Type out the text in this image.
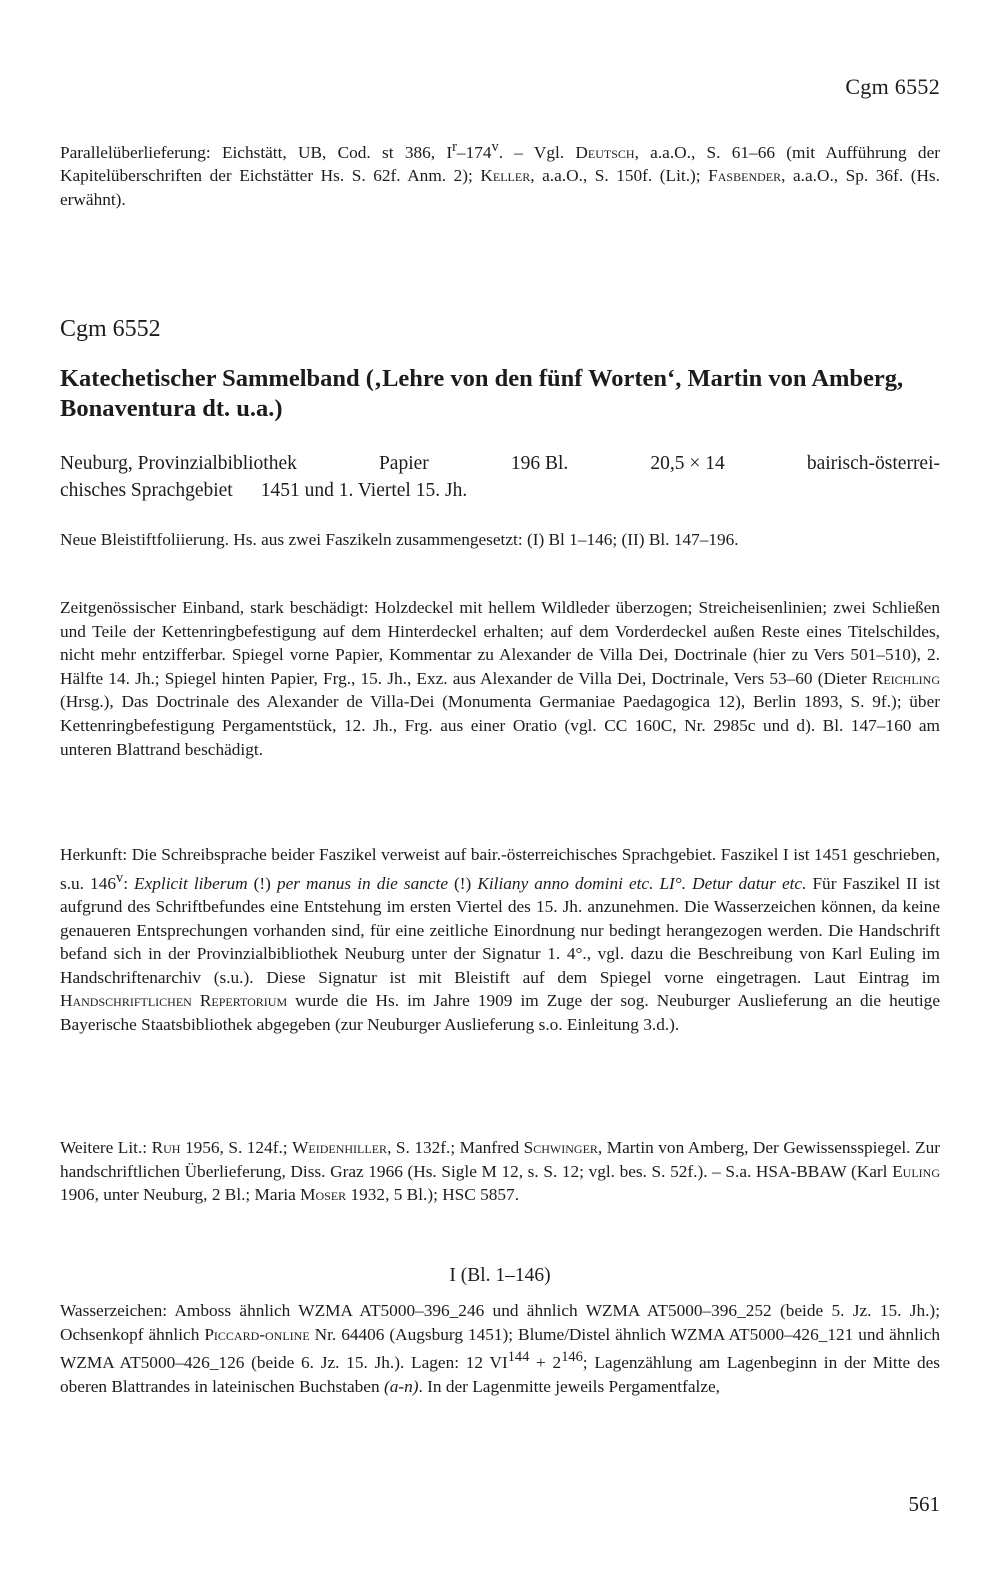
Cgm 6552

Parallelüberlieferung: Eichstätt, UB, Cod. st 386, $I^r-174^v$. – Vgl. Deutsch, a.a.O., S. 61–66 (mit Aufführung der Kapitelüberschriften der Eichstätter Hs. S. 62f. Anm. 2); Keller, a.a.O., S. 150f. (Lit.); Fasbender, a.a.O., Sp. 36f. (Hs. erwähnt).

Cgm 6552
Katechetischer Sammelband (‚Lehre von den fünf Worten‘, Martin von Amberg, Bonaventura dt. u.a.)
Neuburg, Provinzialbibliothek	Papier	196 Bl.	20,5 × 14	bairisch-österrei-
chisches Sprachgebiet 1451 und 1. Viertel 15. Jh.

Neue Bleistiftfoliierung. Hs. aus zwei Faszikeln zusammengesetzt: (I) Bl 1–146; (II) Bl. 147–196.

Zeitgenössischer Einband, stark beschädigt: Holzdeckel mit hellem Wildleder überzogen; Streicheisenlinien; zwei Schließen und Teile der Kettenringbefestigung auf dem Hinterdeckel erhalten; auf dem Vorderdeckel außen Reste eines Titelschildes, nicht mehr entzifferbar. Spiegel vorne Papier, Kommentar zu Alexander de Villa Dei, Doctrinale (hier zu Vers 501–510), 2. Hälfte 14. Jh.; Spiegel hinten Papier, Frg., 15. Jh., Exz. aus Alexander de Villa Dei, Doctrinale, Vers 53–60 (Dieter Reichling (Hrsg.), Das Doctrinale des Alexander de Villa-Dei (Monumenta Germaniae Paedagogica 12), Berlin 1893, S. 9f.); über Kettenringbefestigung Pergamentstück, 12. Jh., Frg. aus einer Oratio (vgl. CC 160C, Nr. 2985c und d). Bl. 147–160 am unteren Blattrand beschädigt.

Herkunft: Die Schreibsprache beider Faszikel verweist auf bair.-österreichisches Sprachgebiet. Faszikel I ist 1451 geschrieben, s.u. 146$^v$: Explicit liberum (!) per manus in die sancte (!) Kiliany anno domini etc. LI°. Detur datur etc. Für Faszikel II ist aufgrund des Schriftbefundes eine Entstehung im ersten Viertel des 15. Jh. anzunehmen. Die Wasserzeichen können, da keine genaueren Entsprechungen vorhanden sind, für eine zeitliche Einordnung nur bedingt herangezogen werden. Die Handschrift befand sich in der Provinzialbibliothek Neuburg unter der Signatur 1. 4°., vgl. dazu die Beschreibung von Karl Euling im Handschriftenarchiv (s.u.). Diese Signatur ist mit Bleistift auf dem Spiegel vorne eingetragen. Laut Eintrag im Handschriftlichen Repertorium wurde die Hs. im Jahre 1909 im Zuge der sog. Neuburger Auslieferung an die heutige Bayerische Staatsbibliothek abgegeben (zur Neuburger Auslieferung s.o. Einleitung 3.d.).

Weitere Lit.: Ruh 1956, S. 124f.; Weidenhiller, S. 132f.; Manfred Schwinger, Martin von Amberg, Der Gewissensspiegel. Zur handschriftlichen Überlieferung, Diss. Graz 1966 (Hs. Sigle M 12, s. S. 12; vgl. bes. S. 52f.). – S.a. HSA-BBAW (Karl Euling 1906, unter Neuburg, 2 Bl.; Maria Moser 1932, 5 Bl.); HSC 5857.

I (Bl. 1–146)

Wasserzeichen: Amboss ähnlich WZMA AT5000–396_246 und ähnlich WZMA AT5000–396_252 (beide 5. Jz. 15. Jh.); Ochsenkopf ähnlich Piccard-online Nr. 64406 (Augsburg 1451); Blume/Distel ähnlich WZMA AT5000–426_121 und ähnlich WZMA AT5000–426_126 (beide 6. Jz. 15. Jh.). Lagen: 12 $VI^{144} + 2^{146}$; Lagenzählung am Lagenbeginn in der Mitte des oberen Blattrandes in lateinischen Buchstaben (a-n). In der Lagenmitte jeweils Pergamentfalze,

561
